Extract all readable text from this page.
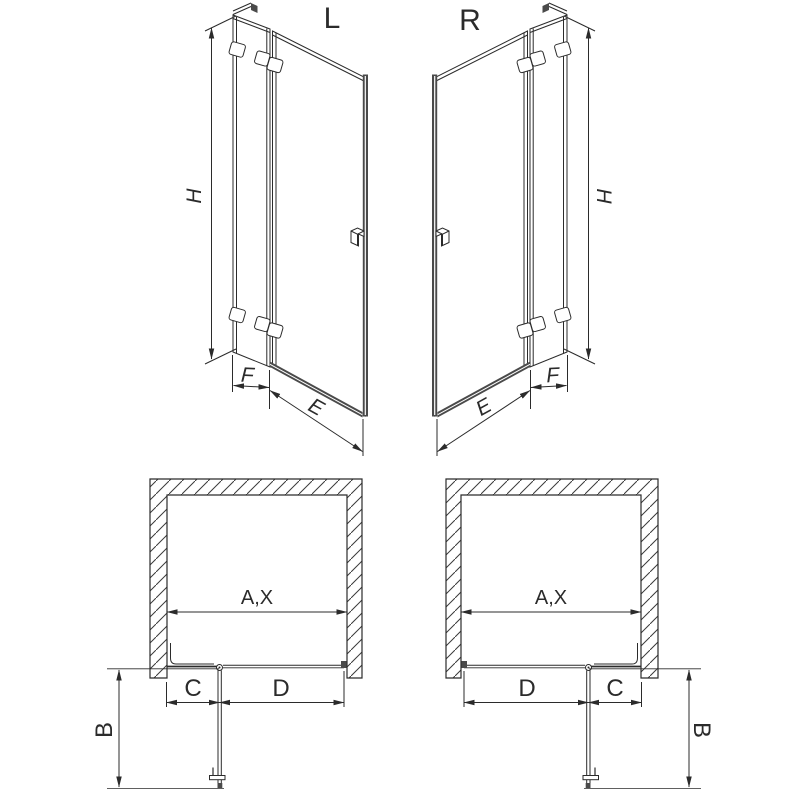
L
H
F
E
R
H
F
E
A,X
C	D
B
A,X
D	C
B
